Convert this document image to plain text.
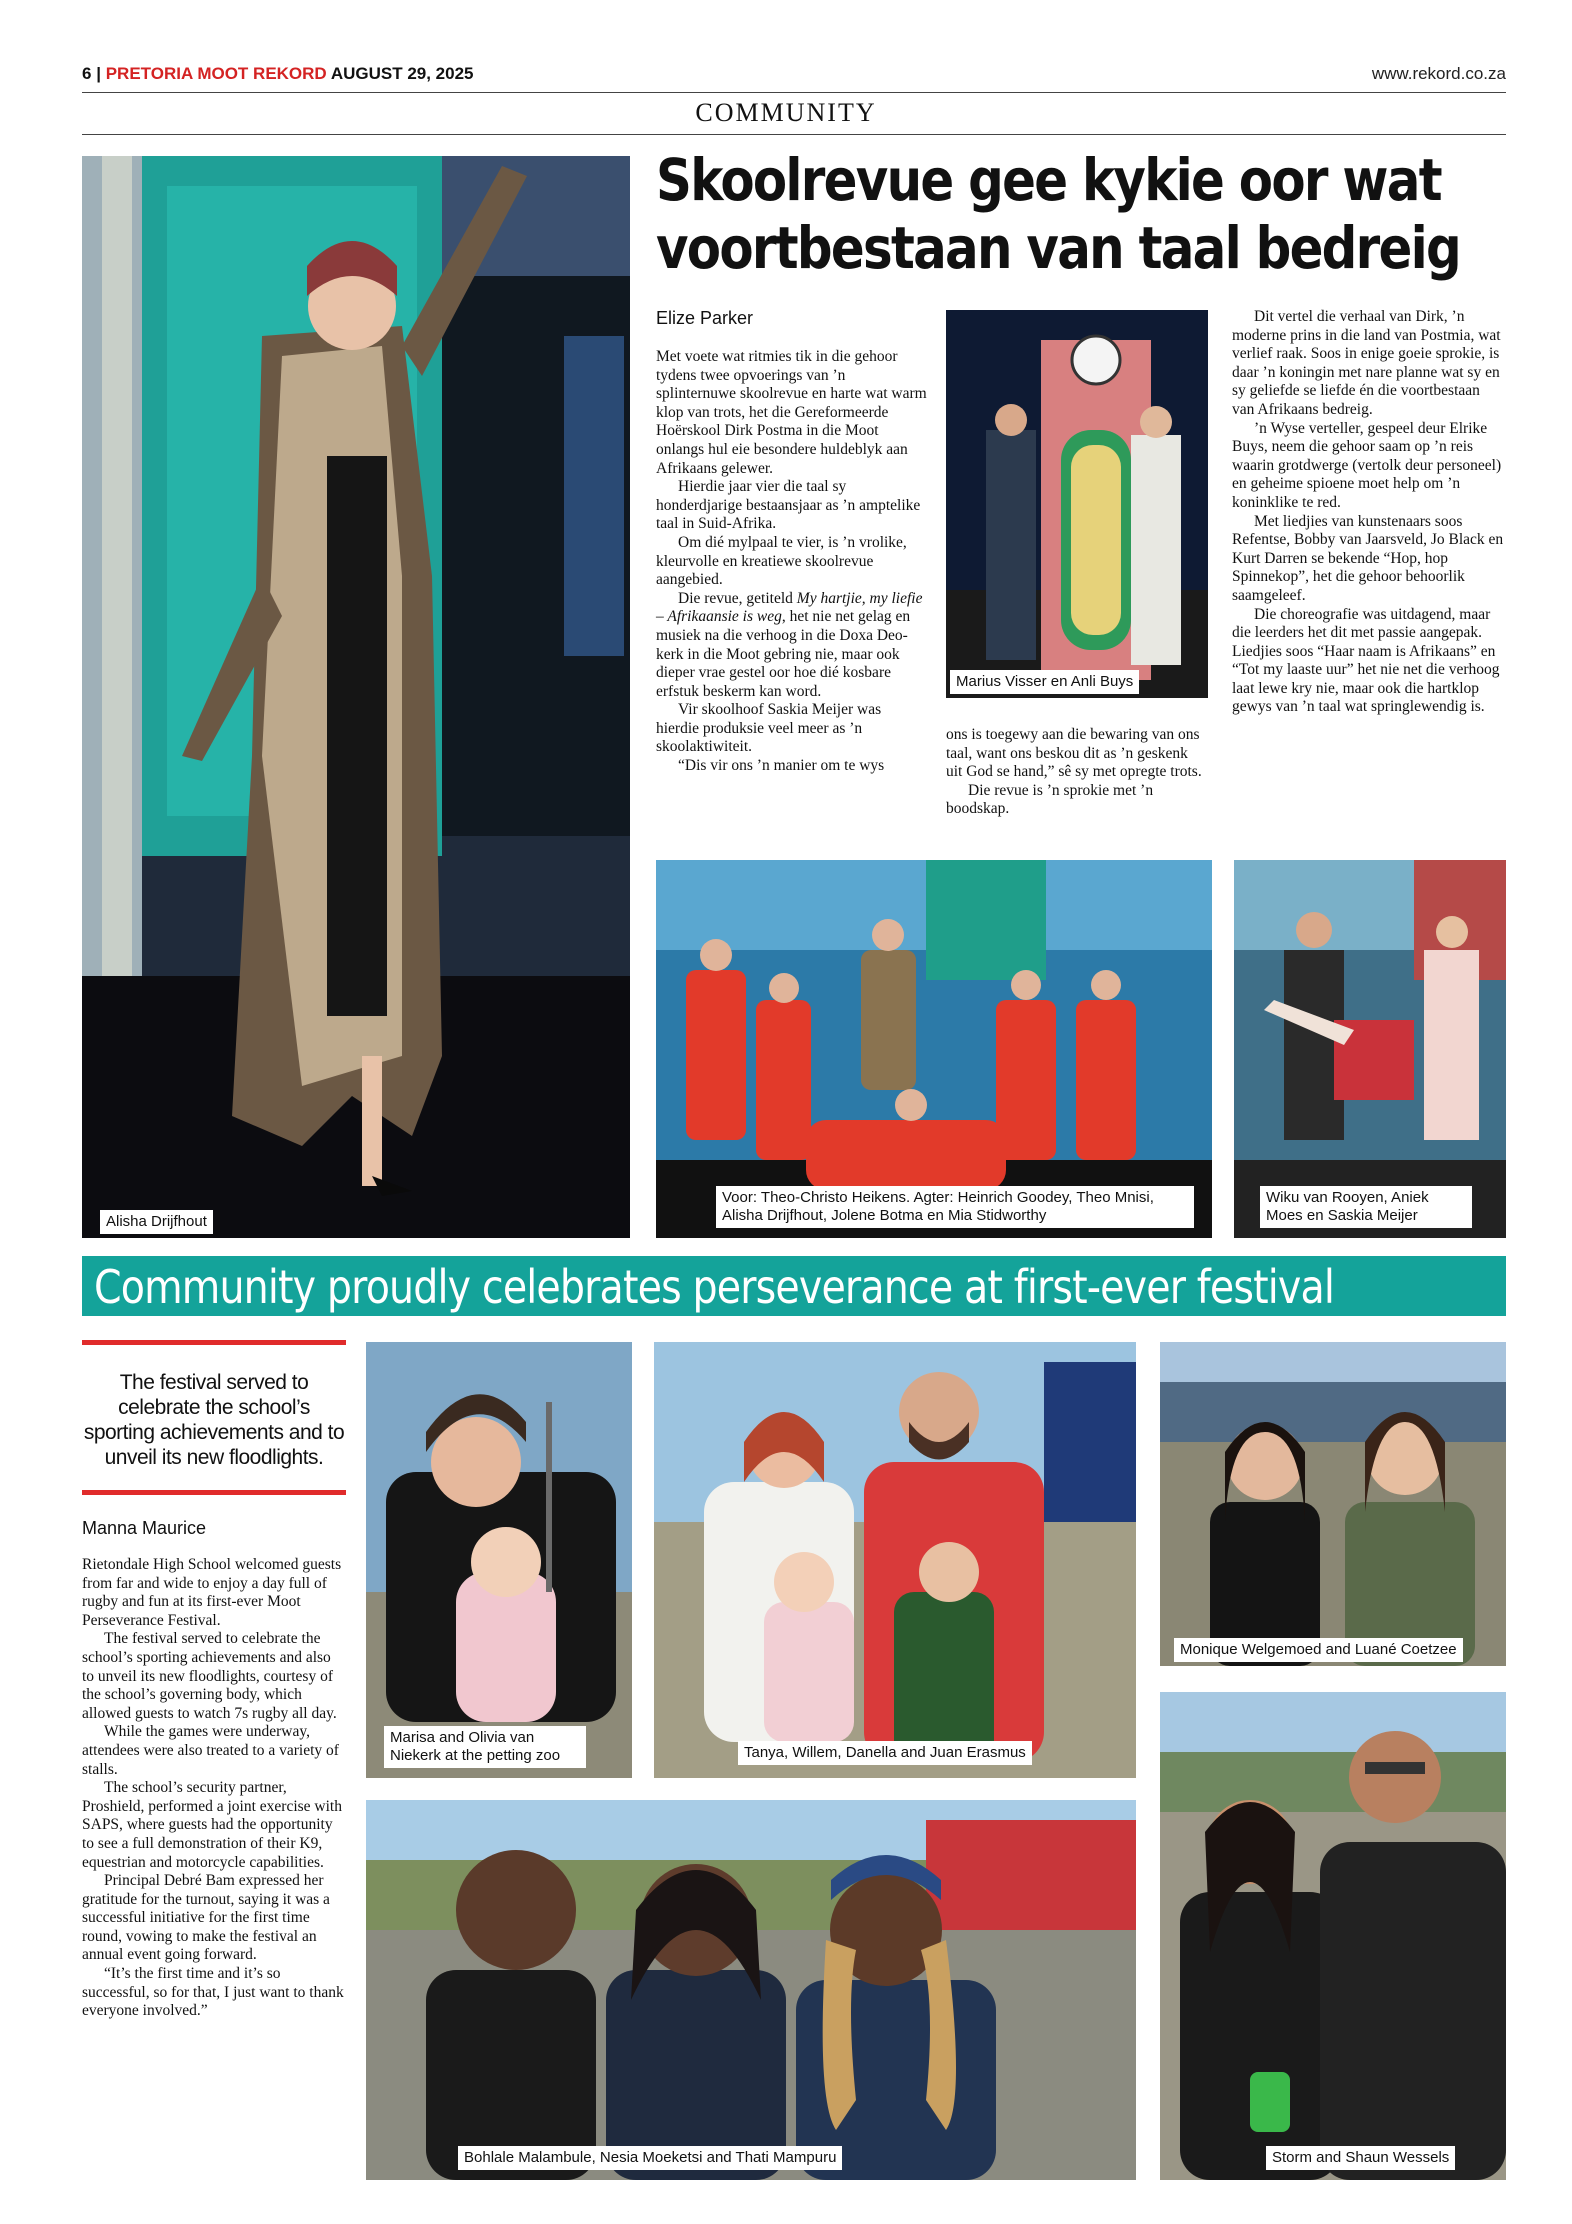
6 | PRETORIA MOOT REKORD AUGUST 29, 2025	www.rekord.co.za
COMMUNITY
Alisha Drijfhout
Skoolrevue gee kykie oor wat
voortbestaan van taal bedreig
Elize Parker

Met voete wat ritmies tik in die gehoor tydens twee opvoerings van ’n splinternuwe skoolrevue en harte wat warm klop van trots, het die Gereformeerde Hoërskool Dirk Postma in die Moot onlangs hul eie besondere huldeblyk aan Afrikaans gelewer.

Hierdie jaar vier die taal sy honderdjarige bestaansjaar as ’n amptelike taal in Suid-Afrika.

Om dié mylpaal te vier, is ’n vrolike, kleurvolle en kreatiewe skoolrevue aangebied.

Die revue, getiteld My hartjie, my liefie – Afrikaansie is weg, het nie net gelag en musiek na die verhoog in die Doxa Deo-kerk in die Moot gebring nie, maar ook dieper vrae gestel oor hoe dié kosbare erfstuk beskerm kan word.

Vir skoolhoof Saskia Meijer was hierdie produksie veel meer as ’n skoolaktiwiteit.

“Dis vir ons ’n manier om te wys

Marius Visser en Anli Buys

ons is toegewy aan die bewaring van ons taal, want ons beskou dit as ’n geskenk uit God se hand,” sê sy met opregte trots.

Die revue is ’n sprokie met ’n boodskap.

Dit vertel die verhaal van Dirk, ’n moderne prins in die land van Postmia, wat verlief raak. Soos in enige goeie sprokie, is daar ’n koningin met nare planne wat sy en sy geliefde se liefde én die voortbestaan van Afrikaans bedreig.

’n Wyse verteller, gespeel deur Elrike Buys, neem die gehoor saam op ’n reis waarin grotdwerge (vertolk deur personeel) en geheime spioene moet help om ’n koninklike te red.

Met liedjies van kunstenaars soos Refentse, Bobby van Jaarsveld, Jo Black en Kurt Darren se bekende “Hop, hop Spinnekop”, het die gehoor behoorlik saamgeleef.

Die choreografie was uitdagend, maar die leerders het dit met passie aangepak. Liedjies soos “Haar naam is Afrikaans” en “Tot my laaste uur” het nie net die verhoog laat lewe kry nie, maar ook die hartklop gewys van ’n taal wat springlewendig is.

Voor: Theo-Christo Heikens. Agter: Heinrich Goodey, Theo Mnisi, Alisha Drijfhout, Jolene Botma en Mia Stidworthy
Wiku van Rooyen, Aniek Moes en Saskia Meijer
Community proudly celebrates perseverance at first-ever festival
The festival served to celebrate the school’s sporting achievements and to unveil its new floodlights.
Manna Maurice

Rietondale High School welcomed guests from far and wide to enjoy a day full of rugby and fun at its first-ever Moot Perseverance Festival.

The festival served to celebrate the school’s sporting achievements and also to unveil its new floodlights, courtesy of the school’s governing body, which allowed guests to watch 7s rugby all day.

While the games were underway, attendees were also treated to a variety of stalls.

The school’s security partner, Proshield, performed a joint exercise with SAPS, where guests had the opportunity to see a full demonstration of their K9, equestrian and motorcycle capabilities.

Principal Debré Bam expressed her gratitude for the turnout, saying it was a successful initiative for the first time round, vowing to make the festival an annual event going forward.

“It’s the first time and it’s so successful, so for that, I just want to thank everyone involved.”

Marisa and Olivia van
Niekerk at the petting zoo	Tanya, Willem, Danella and Juan Erasmus
Monique Welgemoed and Luané Coetzee
Bohlale Malambule, Nesia Moeketsi and Thati Mampuru	Storm and Shaun Wessels
